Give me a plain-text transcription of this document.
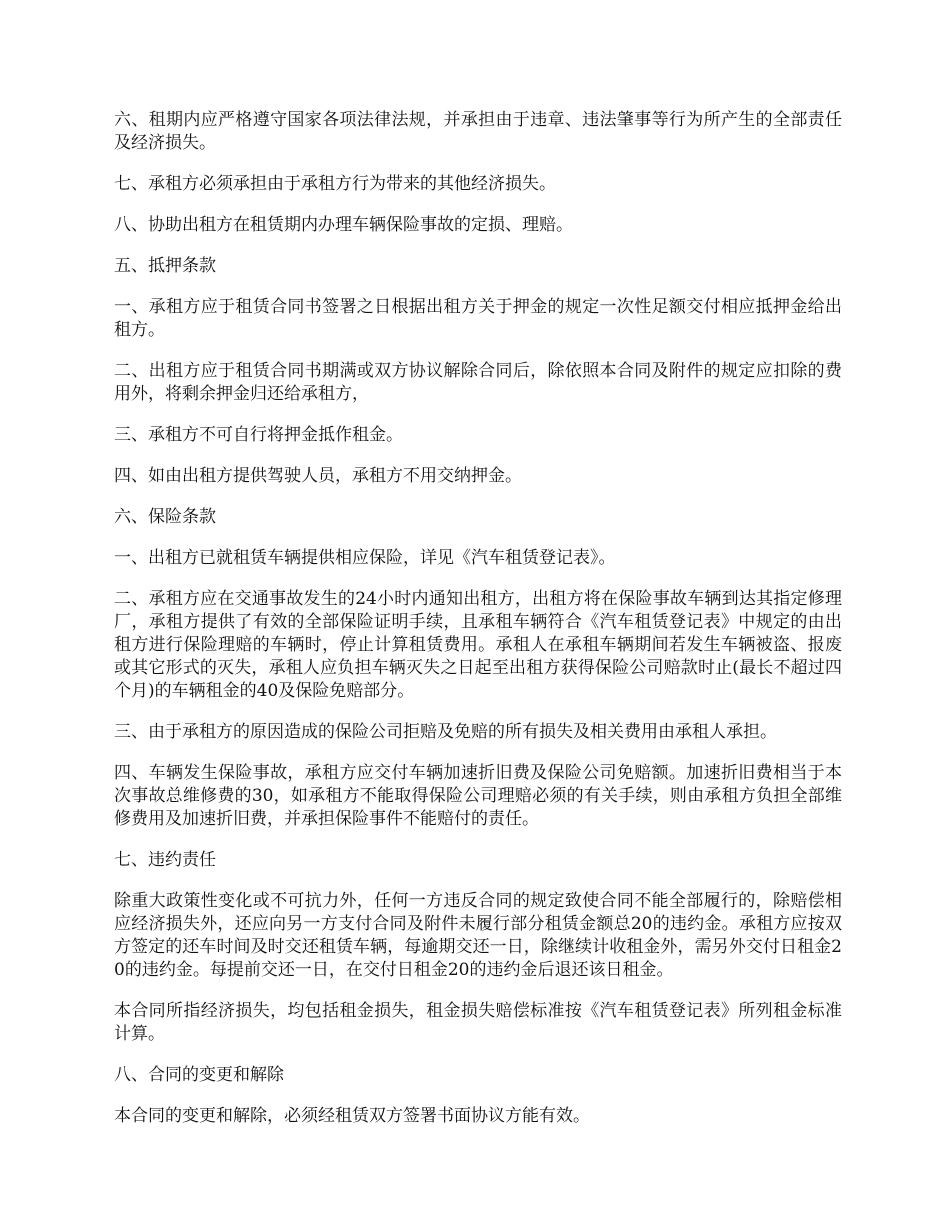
六、租期内应严格遵守国家各项法律法规，并承担由于违章、违法肇事等行为所产生的全部责任及经济损失。

七、承租方必须承担由于承租方行为带来的其他经济损失。

八、协助出租方在租赁期内办理车辆保险事故的定损、理赔。

五、抵押条款

一、承租方应于租赁合同书签署之日根据出租方关于押金的规定一次性足额交付相应抵押金给出租方。

二、出租方应于租赁合同书期满或双方协议解除合同后，除依照本合同及附件的规定应扣除的费用外，将剩余押金归还给承租方，

三、承租方不可自行将押金抵作租金。

四、如由出租方提供驾驶人员，承租方不用交纳押金。

六、保险条款

一、出租方已就租赁车辆提供相应保险，详见《汽车租赁登记表》。

二、承租方应在交通事故发生的24小时内通知出租方，出租方将在保险事故车辆到达其指定修理厂，承租方提供了有效的全部保险证明手续，且承租车辆符合《汽车租赁登记表》中规定的由出租方进行保险理赔的车辆时，停止计算租赁费用。承租人在承租车辆期间若发生车辆被盗、报废或其它形式的灭失，承租人应负担车辆灭失之日起至出租方获得保险公司赔款时止(最长不超过四个月)的车辆租金的40及保险免赔部分。

三、由于承租方的原因造成的保险公司拒赔及免赔的所有损失及相关费用由承租人承担。

四、车辆发生保险事故，承租方应交付车辆加速折旧费及保险公司免赔额。加速折旧费相当于本次事故总维修费的30，如承租方不能取得保险公司理赔必须的有关手续，则由承租方负担全部维修费用及加速折旧费，并承担保险事件不能赔付的责任。

七、违约责任

除重大政策性变化或不可抗力外，任何一方违反合同的规定致使合同不能全部履行的，除赔偿相应经济损失外，还应向另一方支付合同及附件未履行部分租赁金额总20的违约金。承租方应按双方签定的还车时间及时交还租赁车辆，每逾期交还一日，除继续计收租金外，需另外交付日租金20的违约金。每提前交还一日，在交付日租金20的违约金后退还该日租金。

本合同所指经济损失，均包括租金损失，租金损失赔偿标准按《汽车租赁登记表》所列租金标准计算。

八、合同的变更和解除

本合同的变更和解除，必须经租赁双方签署书面协议方能有效。
